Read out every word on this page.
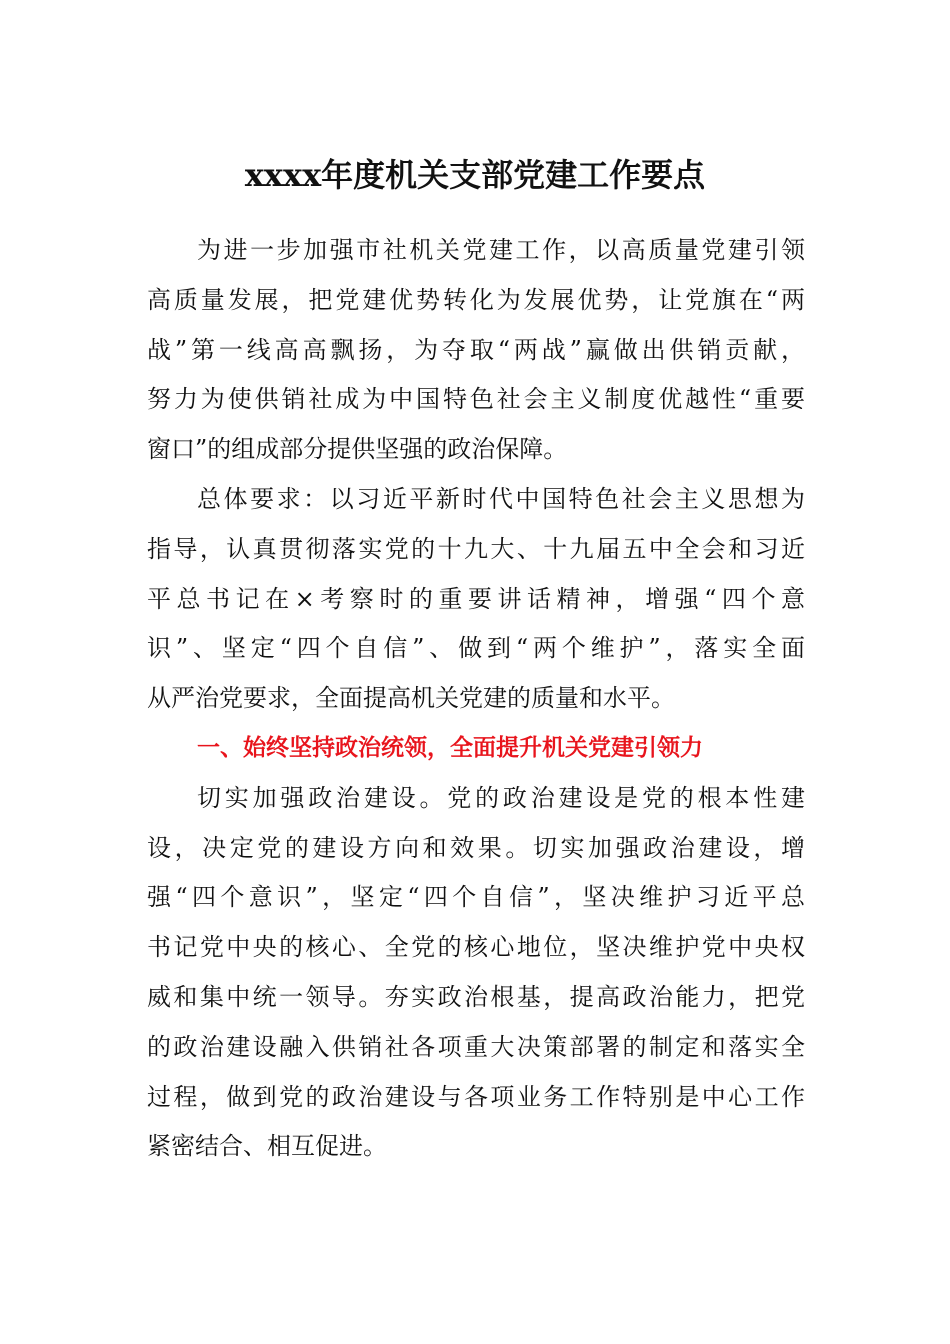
xxxx年度机关支部党建工作要点
为进一步加强市社机关党建工作，以高质量党建引领
高质量发展，把党建优势转化为发展优势，让党旗在“两
战”第一线高高飘扬，为夺取“两战”赢做出供销贡献，
努力为使供销社成为中国特色社会主义制度优越性“重要
窗口”的组成部分提供坚强的政治保障。
总体要求：以习近平新时代中国特色社会主义思想为
指导，认真贯彻落实党的十九大、十九届五中全会和习近
平总书记在×考察时的重要讲话精神，增强“四个意
识”、坚定“四个自信”、做到“两个维护”，落实全面
从严治党要求，全面提高机关党建的质量和水平。
一、始终坚持政治统领，全面提升机关党建引领力
切实加强政治建设。党的政治建设是党的根本性建
设，决定党的建设方向和效果。切实加强政治建设，增
强“四个意识”，坚定“四个自信”，坚决维护习近平总
书记党中央的核心、全党的核心地位，坚决维护党中央权
威和集中统一领导。夯实政治根基，提高政治能力，把党
的政治建设融入供销社各项重大决策部署的制定和落实全
过程，做到党的政治建设与各项业务工作特别是中心工作
紧密结合、相互促进。
